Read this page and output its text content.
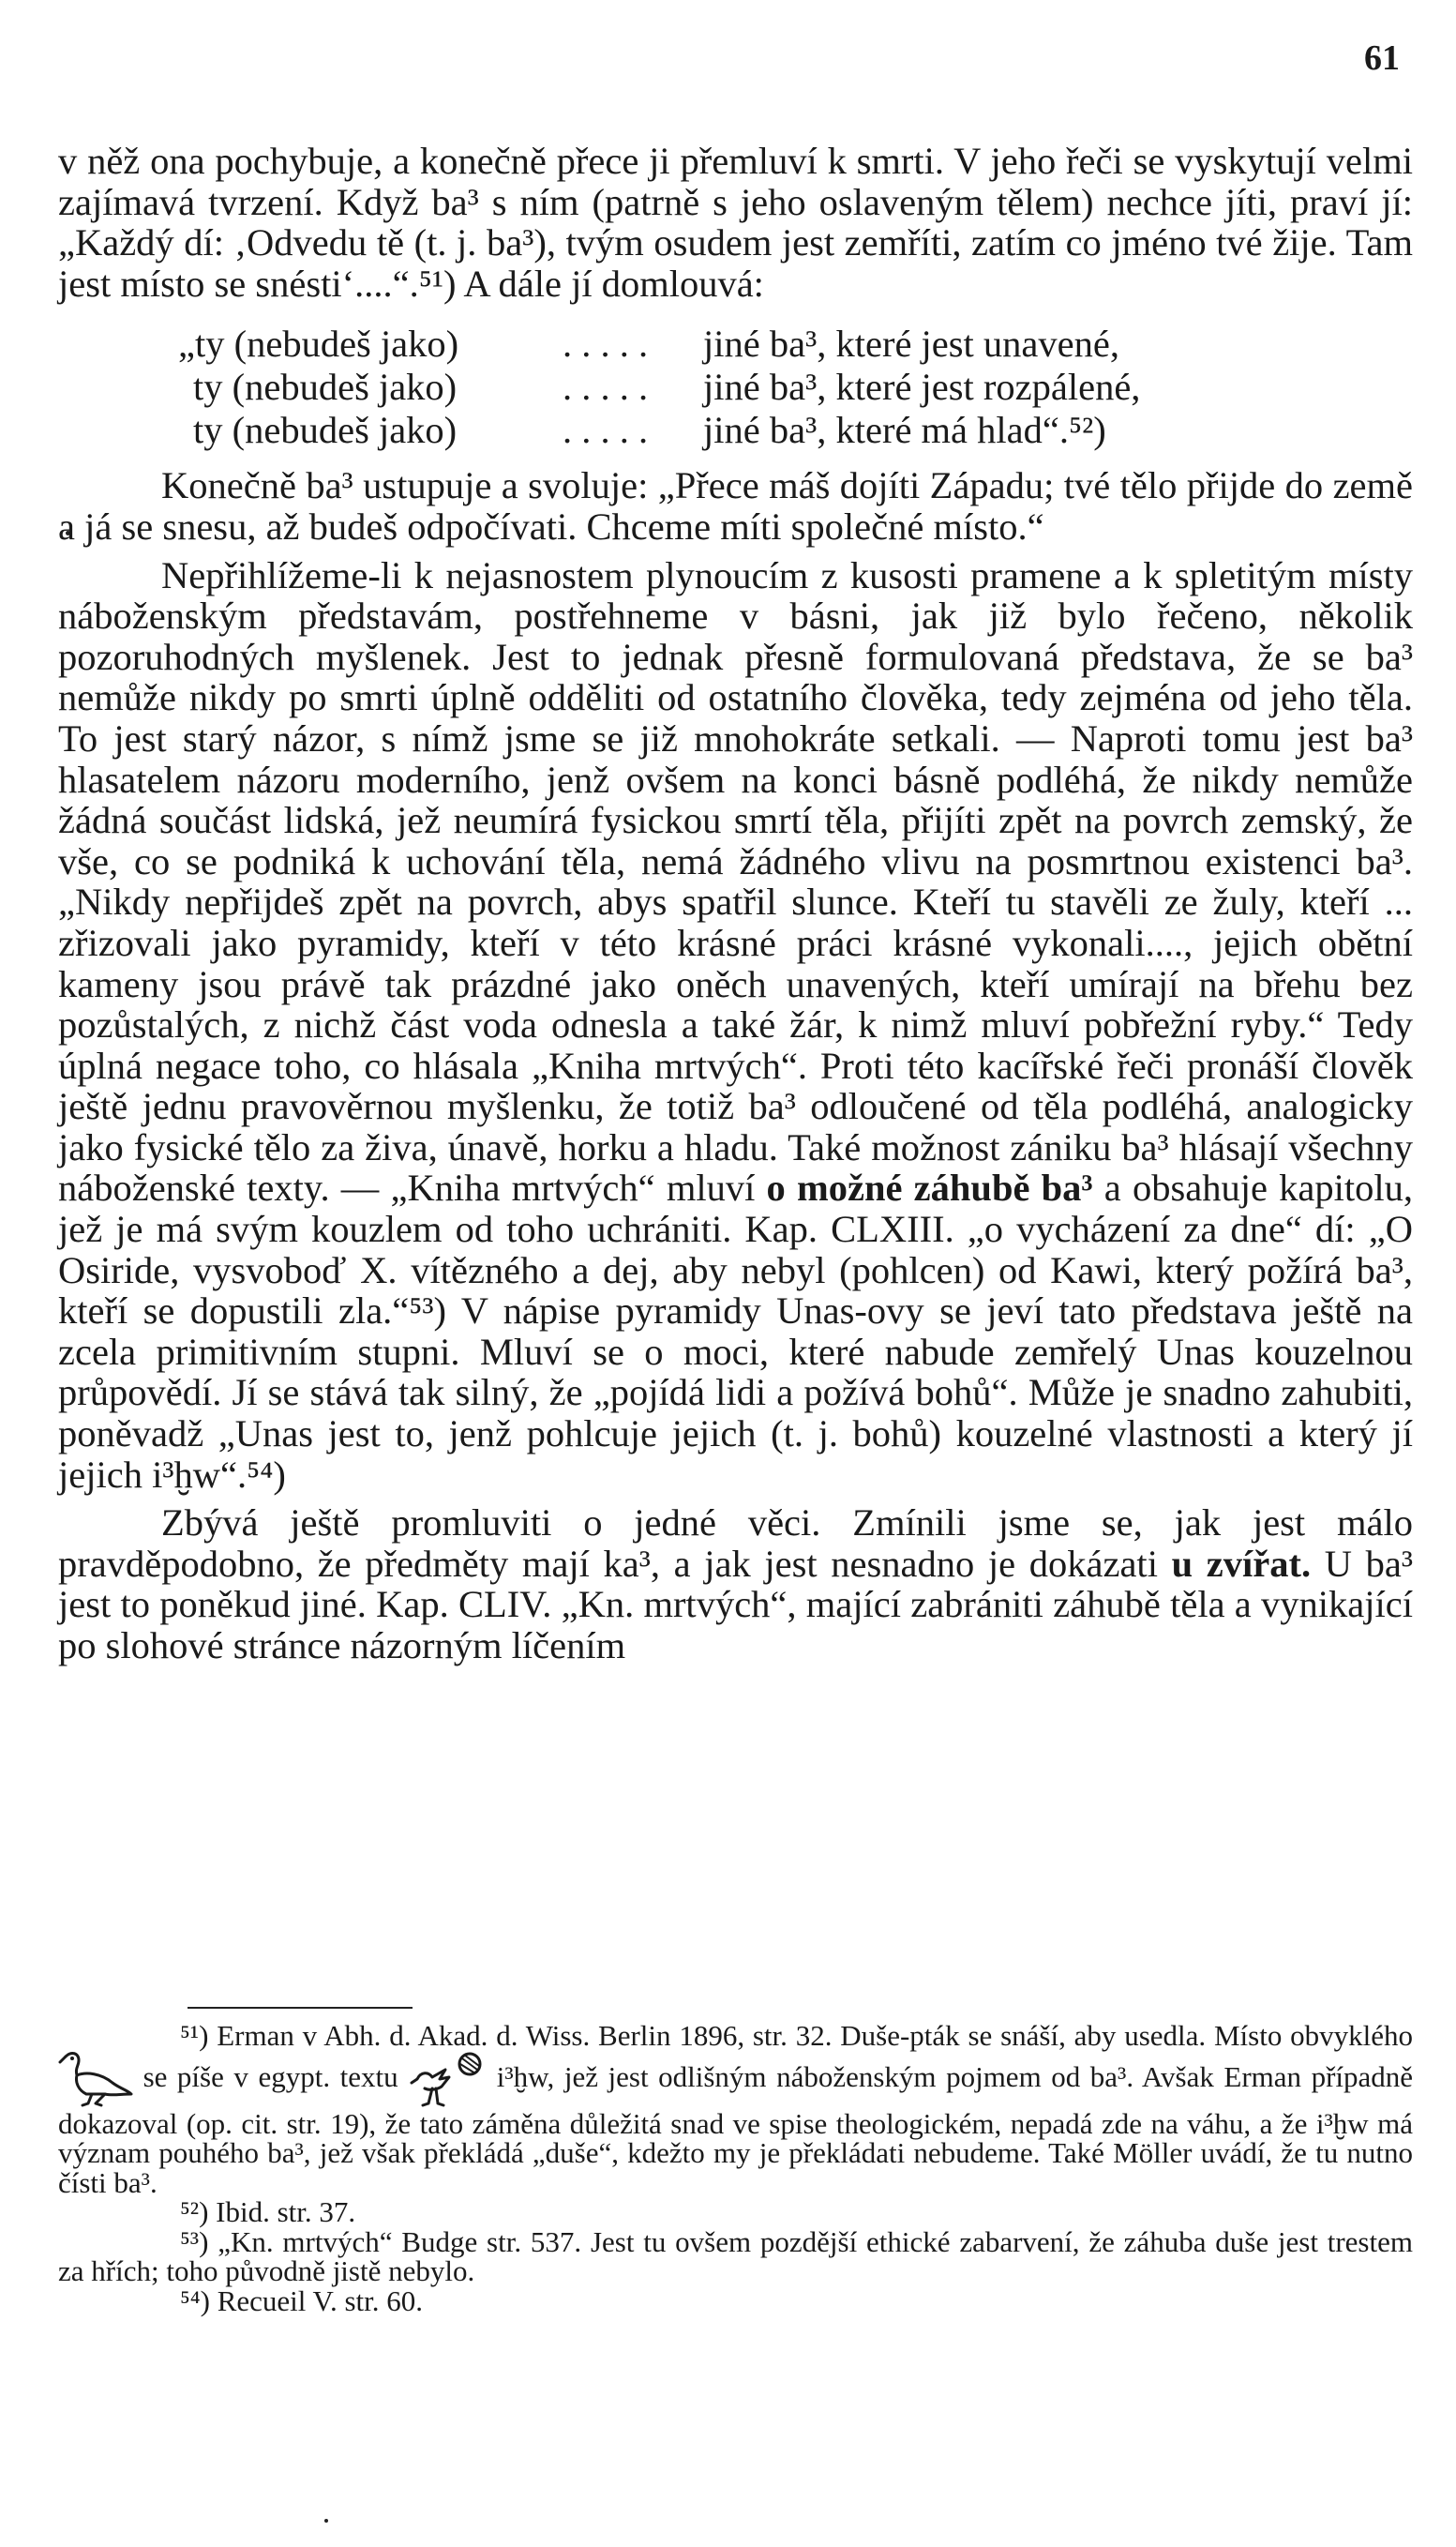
61

v něž ona pochybuje, a konečně přece ji přemluví k smrti. V jeho řeči se vyskytují velmi zajímavá tvrzení. Když ba³ s ním (patrně s jeho oslaveným tělem) nechce jíti, praví jí: „Každý dí: ‚Odvedu tě (t. j. ba³), tvým osudem jest zemříti, zatím co jméno tvé žije. Tam jest místo se snésti‘....“.⁵¹) A dále jí domlouvá:

„ty (nebudeš jako)	. . . . .	jiné ba³, které jest unavené,
ty (nebudeš jako)	. . . . .	jiné ba³, které jest rozpálené,
ty (nebudeš jako)	. . . . .	jiné ba³, které má hlad“.⁵²)

Konečně ba³ ustupuje a svoluje: „Přece máš dojíti Západu; tvé tělo přijde do země a já se snesu, až budeš odpočívati. Chceme míti společné místo.“

Nepřihlížeme-li k nejasnostem plynoucím z kusosti pramene a k spletitým místy náboženským představám, postřehneme v básni, jak již bylo řečeno, několik pozoruhodných myšlenek. Jest to jednak přesně formulovaná představa, že se ba³ nemůže nikdy po smrti úplně odděliti od ostatního člověka, tedy zejména od jeho těla. To jest starý názor, s nímž jsme se již mnohokráte setkali. — Naproti tomu jest ba³ hlasatelem názoru moderního, jenž ovšem na konci básně podléhá, že nikdy nemůže žádná součást lidská, jež neumírá fysickou smrtí těla, přijíti zpět na povrch zemský, že vše, co se podniká k uchování těla, nemá žádného vlivu na posmrtnou existenci ba³. „Nikdy nepřijdeš zpět na povrch, abys spatřil slunce. Kteří tu stavěli ze žuly, kteří ... zřizovali jako pyramidy, kteří v této krásné práci krásné vykonali...., jejich obětní kameny jsou právě tak prázdné jako oněch unavených, kteří umírají na břehu bez pozůstalých, z nichž část voda odnesla a také žár, k nimž mluví pobřežní ryby.“ Tedy úplná negace toho, co hlásala „Kniha mrtvých“. Proti této kacířské řeči pronáší člověk ještě jednu pravověrnou myšlenku, že totiž ba³ odloučené od těla podléhá, analogicky jako fysické tělo za živa, únavě, horku a hladu. Také možnost zániku ba³ hlásají všechny náboženské texty. — „Kniha mrtvých“ mluví o možné záhubě ba³ a obsahuje kapitolu, jež je má svým kouzlem od toho uchrániti. Kap. CLXIII. „o vycházení za dne“ dí: „O Osiride, vysvoboď X. vítězného a dej, aby nebyl (pohlcen) od Kawi, který požírá ba³, kteří se dopustili zla.“⁵³) V nápise pyramidy Unas-ovy se jeví tato představa ještě na zcela primitivním stupni. Mluví se o moci, které nabude zemřelý Unas kouzelnou průpovědí. Jí se stává tak silný, že „pojídá lidi a požívá bohů“. Může je snadno zahubiti, poněvadž „Unas jest to, jenž pohlcuje jejich (t. j. bohů) kouzelné vlastnosti a který jí jejich i³ḫw“.⁵⁴)

Zbývá ještě promluviti o jedné věci. Zmínili jsme se, jak jest málo pravděpodobno, že předměty mají ka³, a jak jest nesnadno je dokázati u zvířat. U ba³ jest to poněkud jiné. Kap. CLIV. „Kn. mrtvých“, mající zabrániti záhubě těla a vynikající po slohové stránce názorným líčením

⁵¹) Erman v Abh. d. Akad. d. Wiss. Berlin 1896, str. 32. Duše-pták se snáší, aby usedla. Místo obvyklého
se píše v egypt. textu	i³ḫw, jež jest odlišným náboženským pojmem od ba³. Avšak Erman případně dokazoval (op. cit. str. 19), že tato záměna důležitá snad ve spise theologickém, nepadá zde na váhu, a že i³ḫw má význam pouhého ba³, jež však překládá „duše“, kdežto my je překládati nebudeme. Také Möller uvádí, že tu nutno čísti ba³.

⁵²) Ibid. str. 37.

⁵³) „Kn. mrtvých“ Budge str. 537. Jest tu ovšem pozdější ethické zabarvení, že záhuba duše jest trestem za hřích; toho původně jistě nebylo.

⁵⁴) Recueil V. str. 60.
